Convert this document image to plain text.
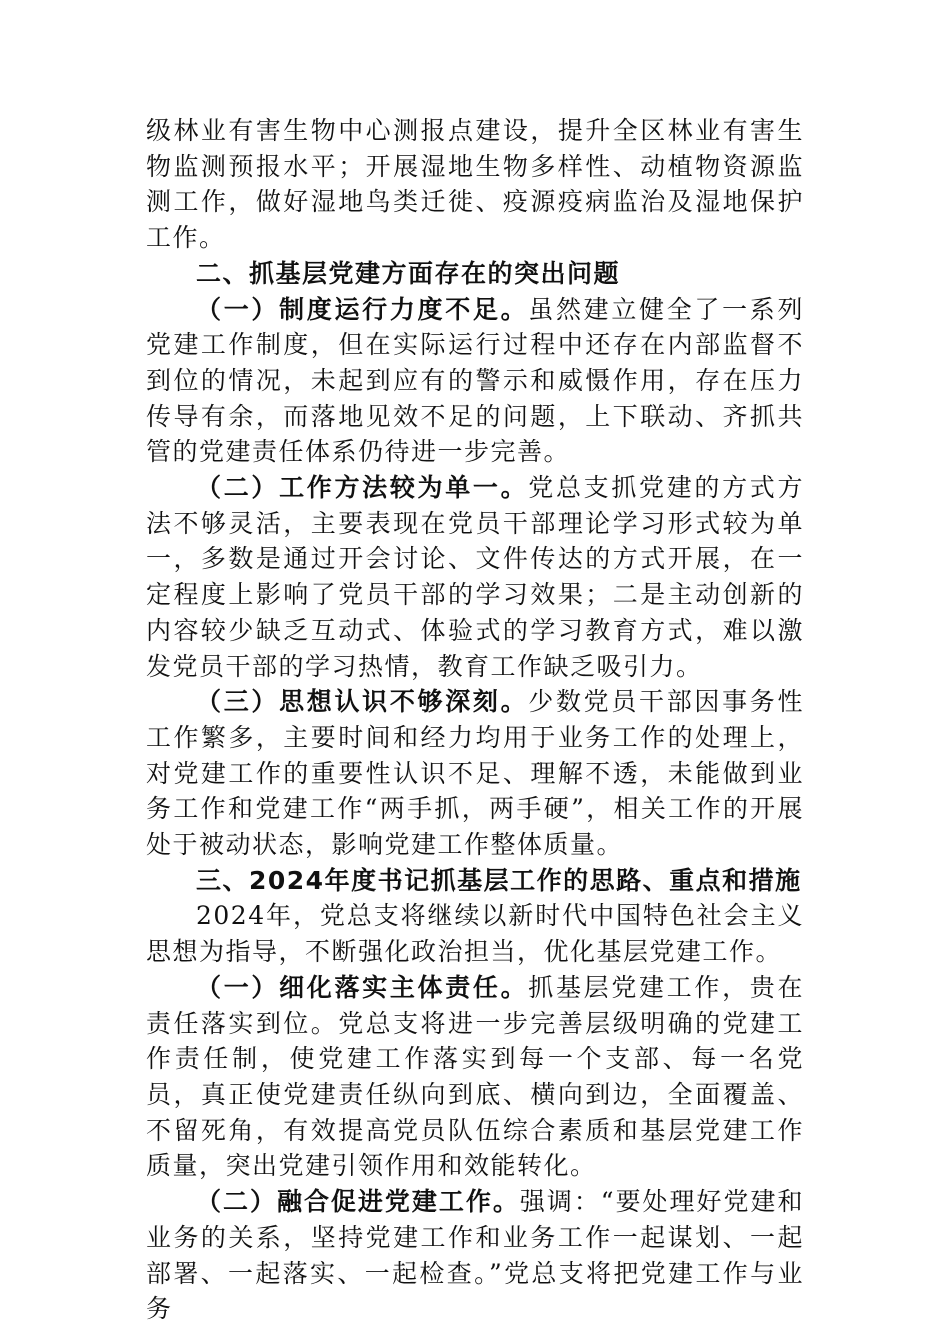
级林业有害生物中心测报点建设，提升全区林业有害生物监测预报水平；开展湿地生物多样性、动植物资源监测工作，做好湿地鸟类迁徙、疫源疫病监治及湿地保护工作。

二、抓基层党建方面存在的突出问题

（一）制度运行力度不足。虽然建立健全了一系列党建工作制度，但在实际运行过程中还存在内部监督不到位的情况，未起到应有的警示和威慑作用，存在压力传导有余，而落地见效不足的问题，上下联动、齐抓共管的党建责任体系仍待进一步完善。

（二）工作方法较为单一。党总支抓党建的方式方法不够灵活，主要表现在党员干部理论学习形式较为单一，多数是通过开会讨论、文件传达的方式开展，在一定程度上影响了党员干部的学习效果；二是主动创新的内容较少缺乏互动式、体验式的学习教育方式，难以激发党员干部的学习热情，教育工作缺乏吸引力。

（三）思想认识不够深刻。少数党员干部因事务性工作繁多，主要时间和经力均用于业务工作的处理上，对党建工作的重要性认识不足、理解不透，未能做到业务工作和党建工作“两手抓，两手硬”，相关工作的开展处于被动状态，影响党建工作整体质量。

三、2024年度书记抓基层工作的思路、重点和措施

2024年，党总支将继续以新时代中国特色社会主义思想为指导，不断强化政治担当，优化基层党建工作。

（一）细化落实主体责任。抓基层党建工作，贵在责任落实到位。党总支将进一步完善层级明确的党建工作责任制，使党建工作落实到每一个支部、每一名党员，真正使党建责任纵向到底、横向到边，全面覆盖、不留死角，有效提高党员队伍综合素质和基层党建工作质量，突出党建引领作用和效能转化。

（二）融合促进党建工作。强调：“要处理好党建和业务的关系，坚持党建工作和业务工作一起谋划、一起部署、一起落实、一起检查。”党总支将把党建工作与业务
